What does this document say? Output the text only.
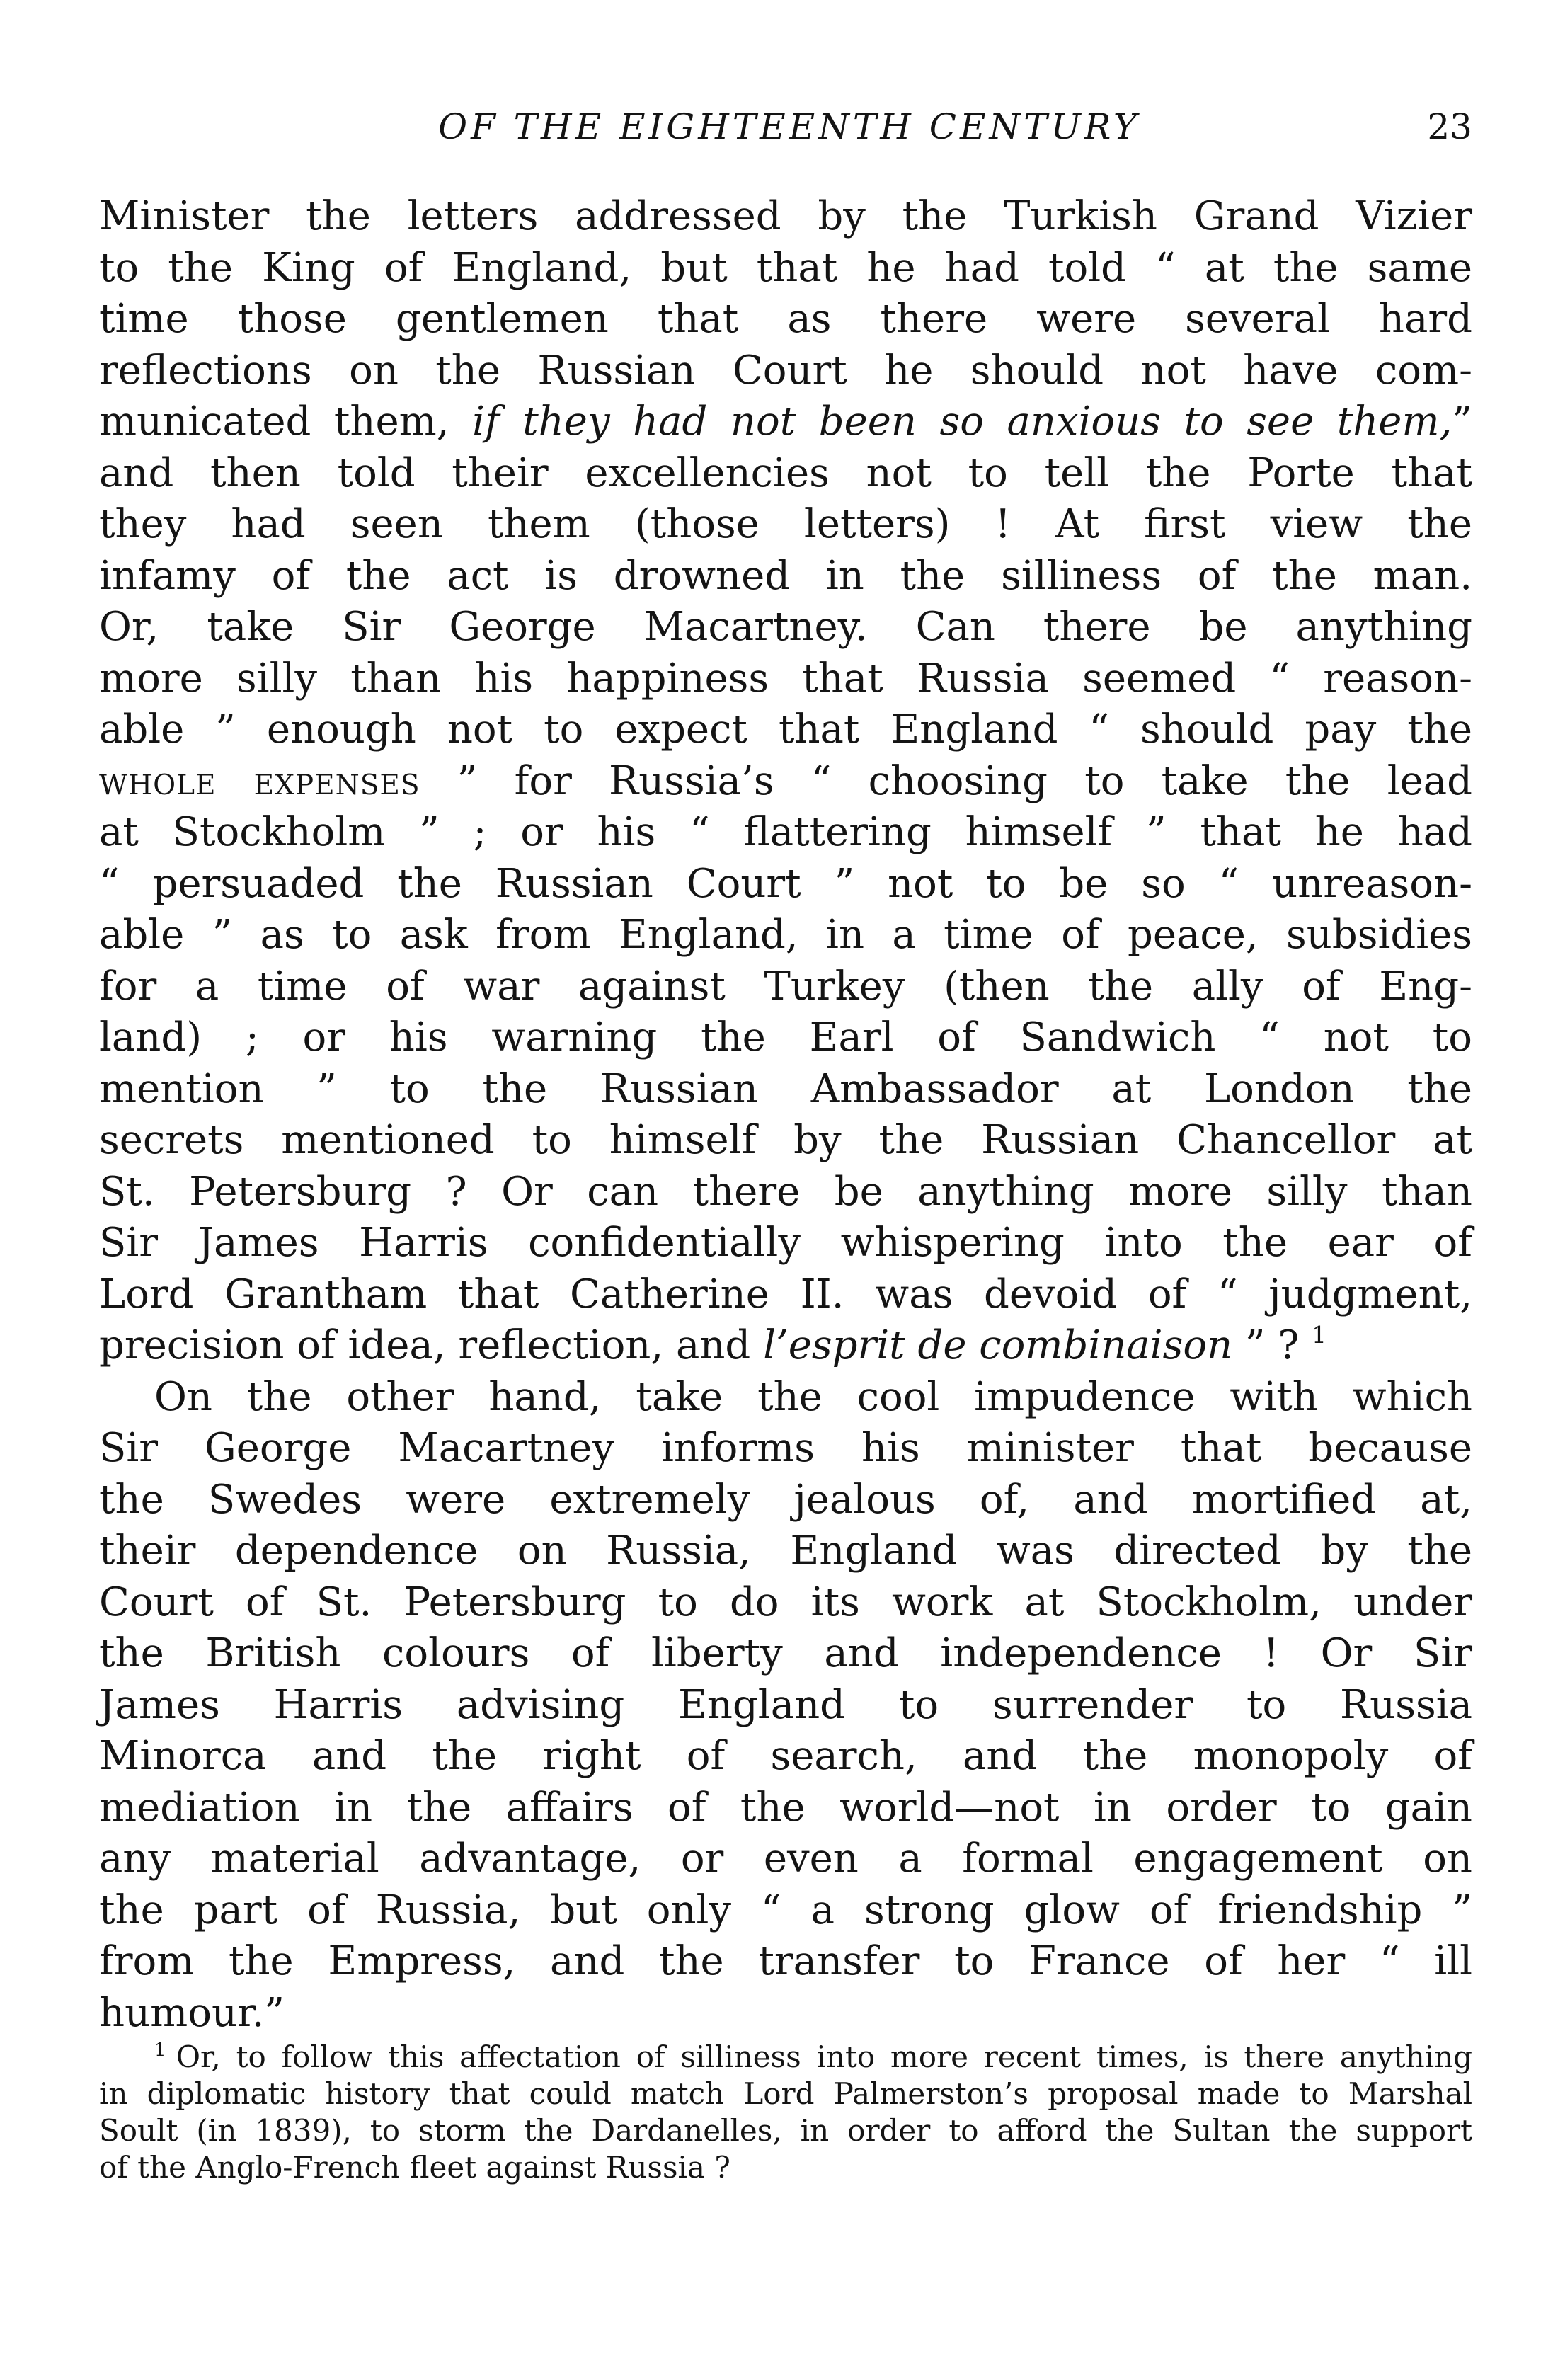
OF THE EIGHTEENTH CENTURY	23
Minister the letters addressed by the Turkish Grand Vizier
to the King of England, but that he had told “ at the same
time those gentlemen that as there were several hard
reflections on the Russian Court he should not have com-
municated them, if they had not been so anxious to see them,”
and then told their excellencies not to tell the Porte that
they had seen them (those letters) ! At first view the
infamy of the act is drowned in the silliness of the man.
Or, take Sir George Macartney. Can there be anything
more silly than his happiness that Russia seemed “ reason-
able ” enough not to expect that England “ should pay the
whole expenses ” for Russia’s “ choosing to take the lead
at Stockholm ” ; or his “ flattering himself ” that he had
“ persuaded the Russian Court ” not to be so “ unreason-
able ” as to ask from England, in a time of peace, subsidies
for a time of war against Turkey (then the ally of Eng-
land) ; or his warning the Earl of Sandwich “ not to
mention ” to the Russian Ambassador at London the
secrets mentioned to himself by the Russian Chancellor at
St. Petersburg ? Or can there be anything more silly than
Sir James Harris confidentially whispering into the ear of
Lord Grantham that Catherine II. was devoid of “ judgment,
precision of idea, reflection, and l’esprit de combinaison ” ? $^1$
On the other hand, take the cool impudence with which
Sir George Macartney informs his minister that because
the Swedes were extremely jealous of, and mortified at,
their dependence on Russia, England was directed by the
Court of St. Petersburg to do its work at Stockholm, under
the British colours of liberty and independence ! Or Sir
James Harris advising England to surrender to Russia
Minorca and the right of search, and the monopoly of
mediation in the affairs of the world—not in order to gain
any material advantage, or even a formal engagement on
the part of Russia, but only “ a strong glow of friendship ”
from the Empress, and the transfer to France of her “ ill
humour.”
$^1$ Or, to follow this affectation of silliness into more recent times, is there anything
in diplomatic history that could match Lord Palmerston’s proposal made to Marshal
Soult (in 1839), to storm the Dardanelles, in order to afford the Sultan the support
of the Anglo-French fleet against Russia ?
